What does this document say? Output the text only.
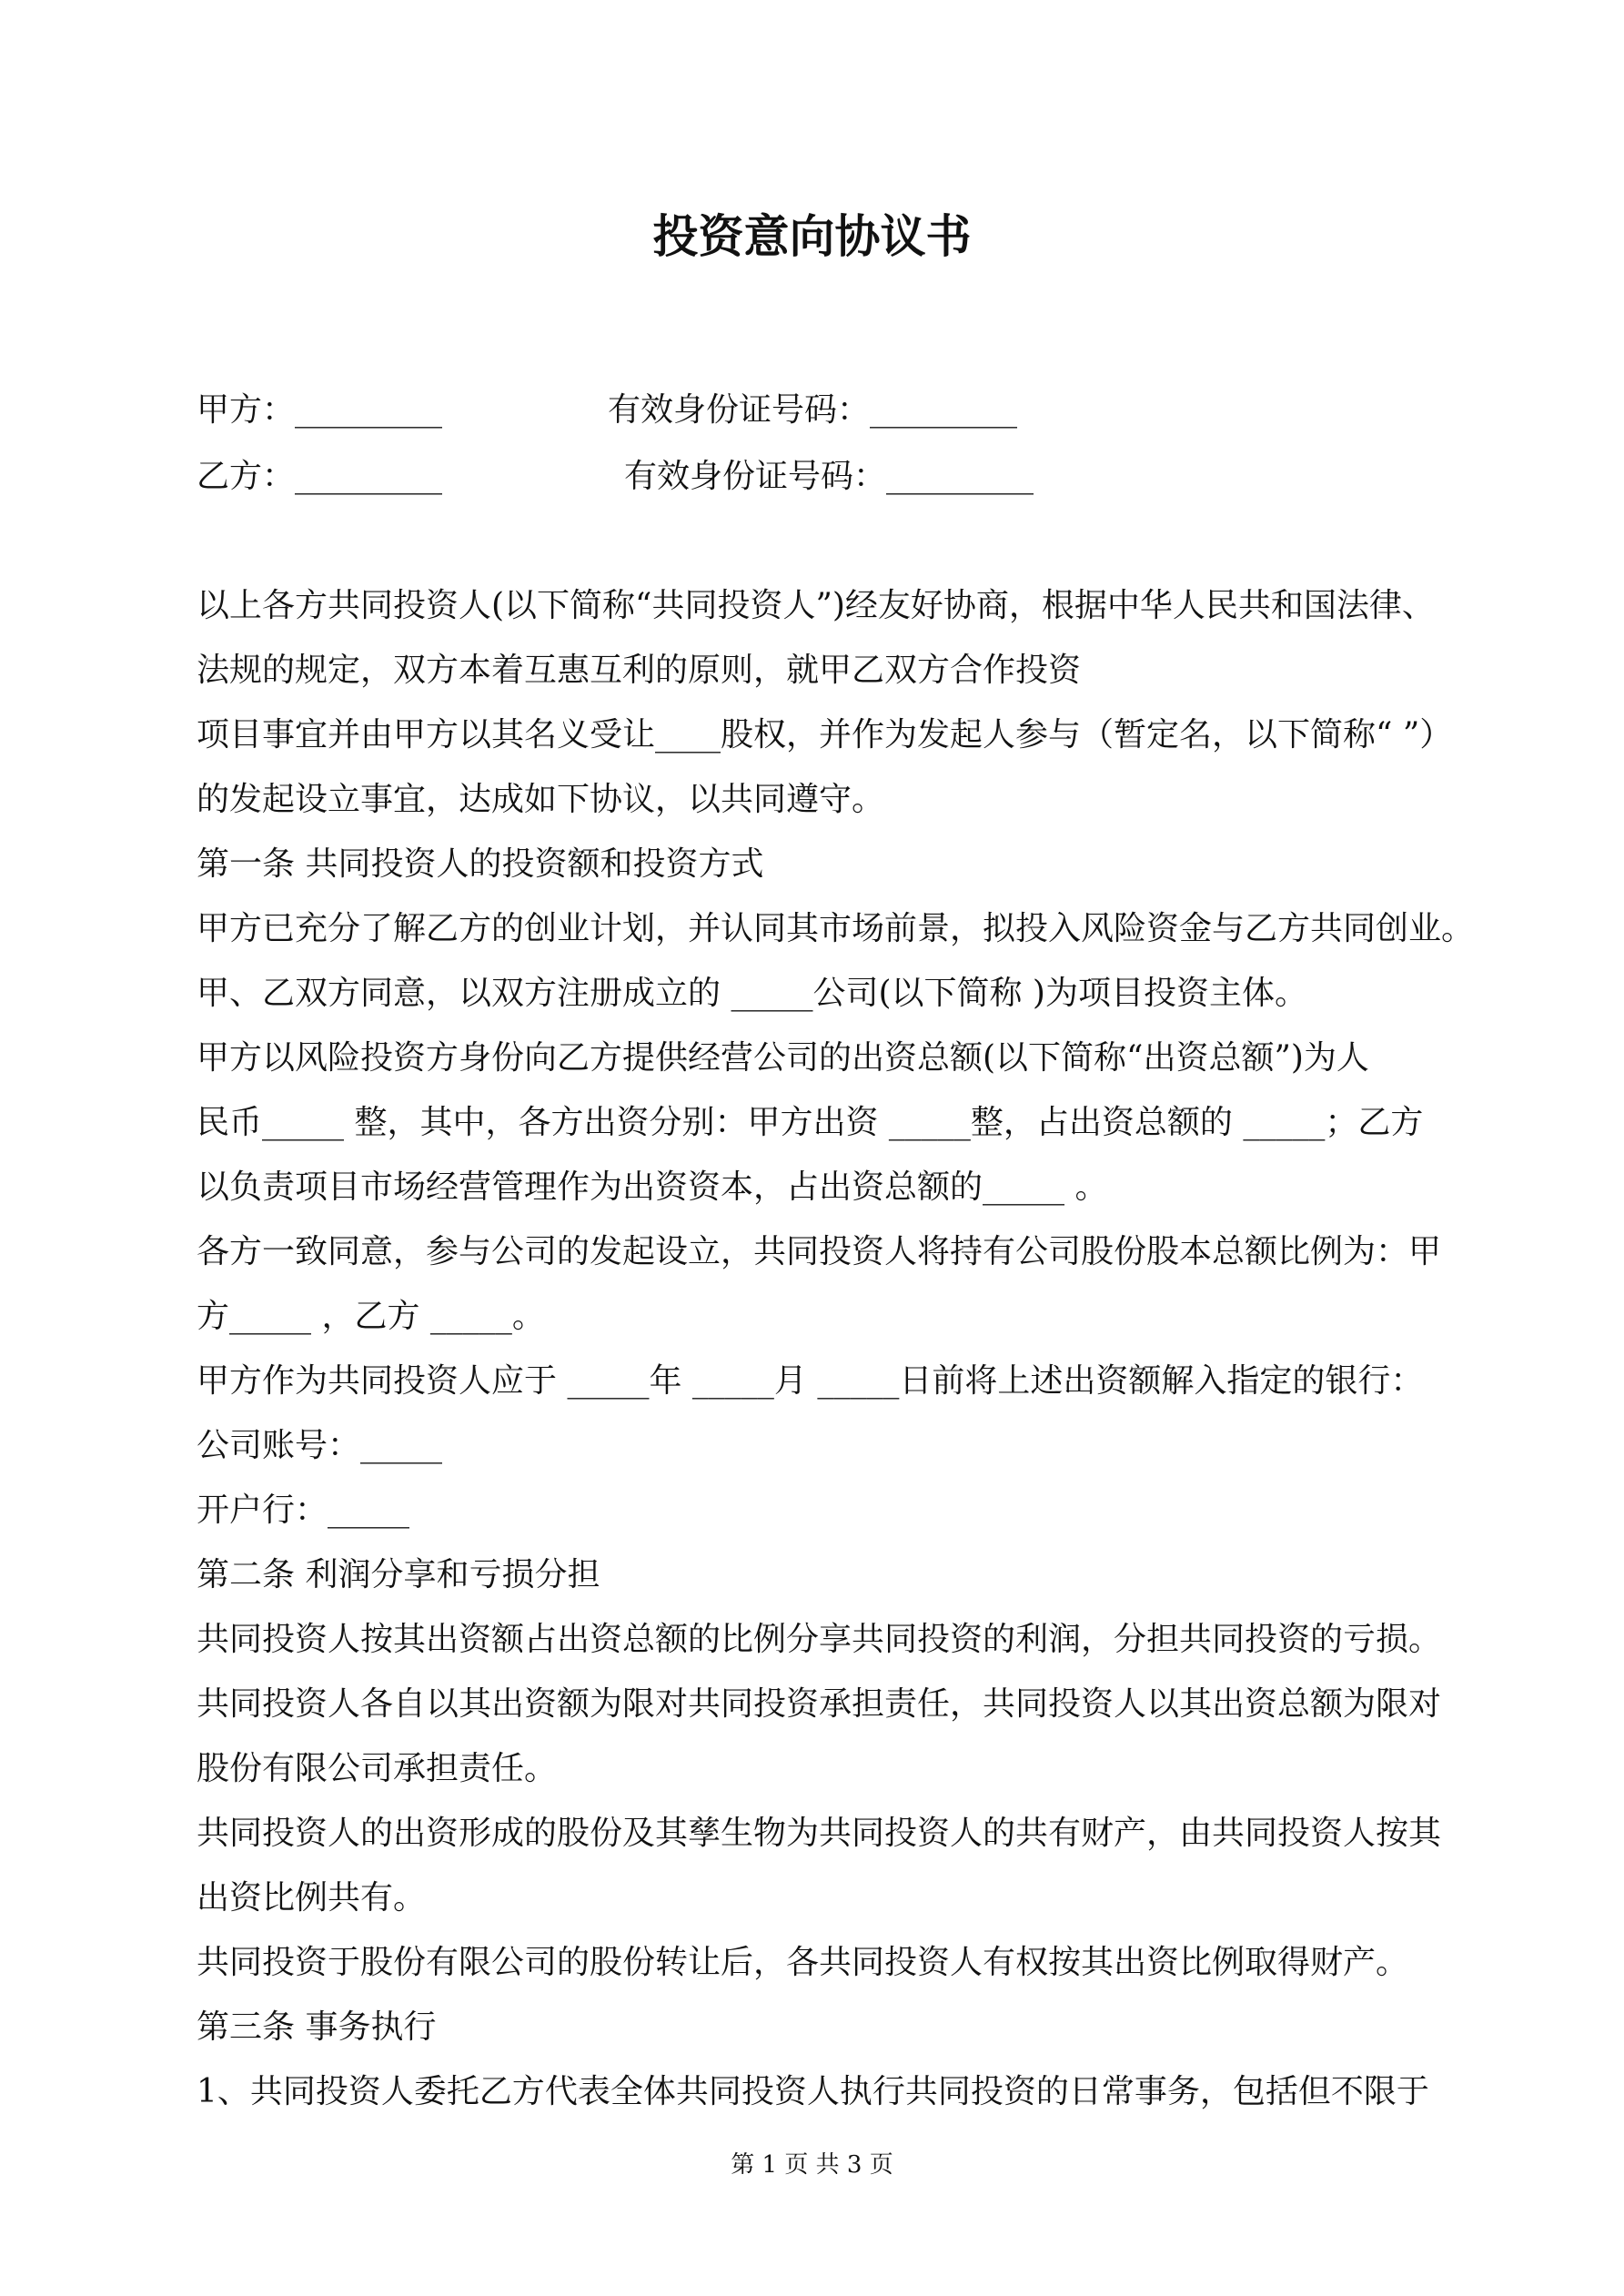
投资意向协议书
甲方：_________	有效身份证号码：_________
乙方：_________	有效身份证号码：_________
以上各方共同投资人(以下简称“共同投资人”)经友好协商，根据中华人民共和国法律、
法规的规定，双方本着互惠互利的原则，就甲乙双方合作投资
项目事宜并由甲方以其名义受让____股权，并作为发起人参与（暂定名，以下简称“ ”）
的发起设立事宜，达成如下协议，以共同遵守。
第一条 共同投资人的投资额和投资方式
甲方已充分了解乙方的创业计划，并认同其市场前景，拟投入风险资金与乙方共同创业。
甲、乙双方同意，以双方注册成立的 _____公司(以下简称 )为项目投资主体。
甲方以风险投资方身份向乙方提供经营公司的出资总额(以下简称“出资总额”)为人
民币_____ 整，其中，各方出资分别：甲方出资 _____整，占出资总额的 _____；乙方
以负责项目市场经营管理作为出资资本，占出资总额的_____ 。
各方一致同意，参与公司的发起设立，共同投资人将持有公司股份股本总额比例为：甲
方_____ ，乙方 _____。
甲方作为共同投资人应于 _____年 _____月 _____日前将上述出资额解入指定的银行：
公司账号：_____
开户行：_____
第二条 利润分享和亏损分担
共同投资人按其出资额占出资总额的比例分享共同投资的利润，分担共同投资的亏损。
共同投资人各自以其出资额为限对共同投资承担责任，共同投资人以其出资总额为限对
股份有限公司承担责任。
共同投资人的出资形成的股份及其孳生物为共同投资人的共有财产，由共同投资人按其
出资比例共有。
共同投资于股份有限公司的股份转让后，各共同投资人有权按其出资比例取得财产。
第三条 事务执行
1、共同投资人委托乙方代表全体共同投资人执行共同投资的日常事务，包括但不限于
第 1 页 共 3 页
